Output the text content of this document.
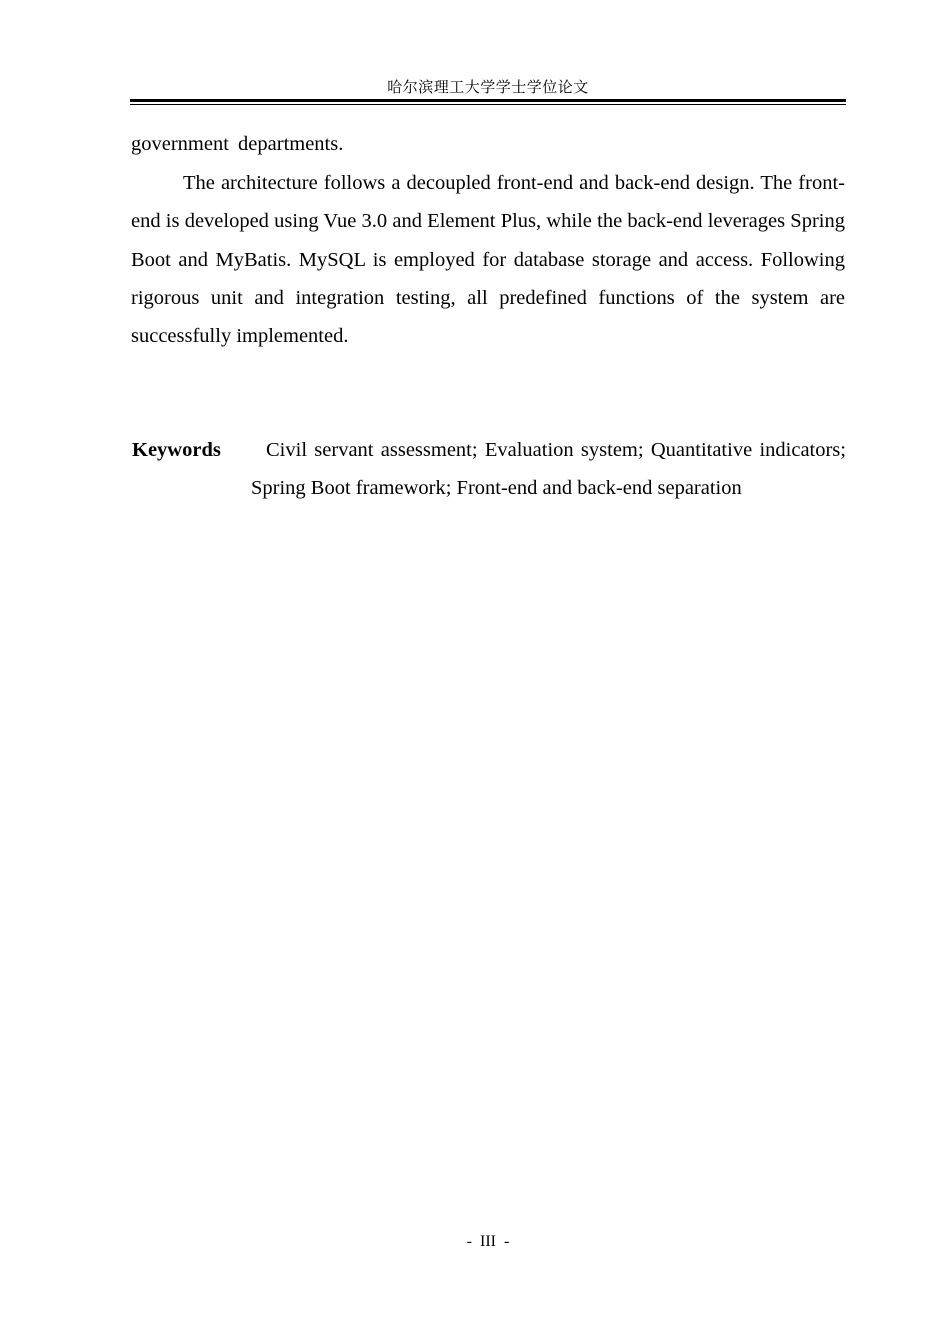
哈尔滨理工大学学士学位论文

government departments.

The architecture follows a decoupled front-end and back-end design. The front-end is developed using Vue 3.0 and Element Plus, while the back-end leverages Spring Boot and MyBatis. MySQL is employed for database storage and access. Following rigorous unit and integration testing, all predefined functions of the system are successfully implemented.

Keywords	Civil servant assessment; Evaluation system; Quantitative indicators; Spring Boot framework; Front-end and back-end separation
- III -
